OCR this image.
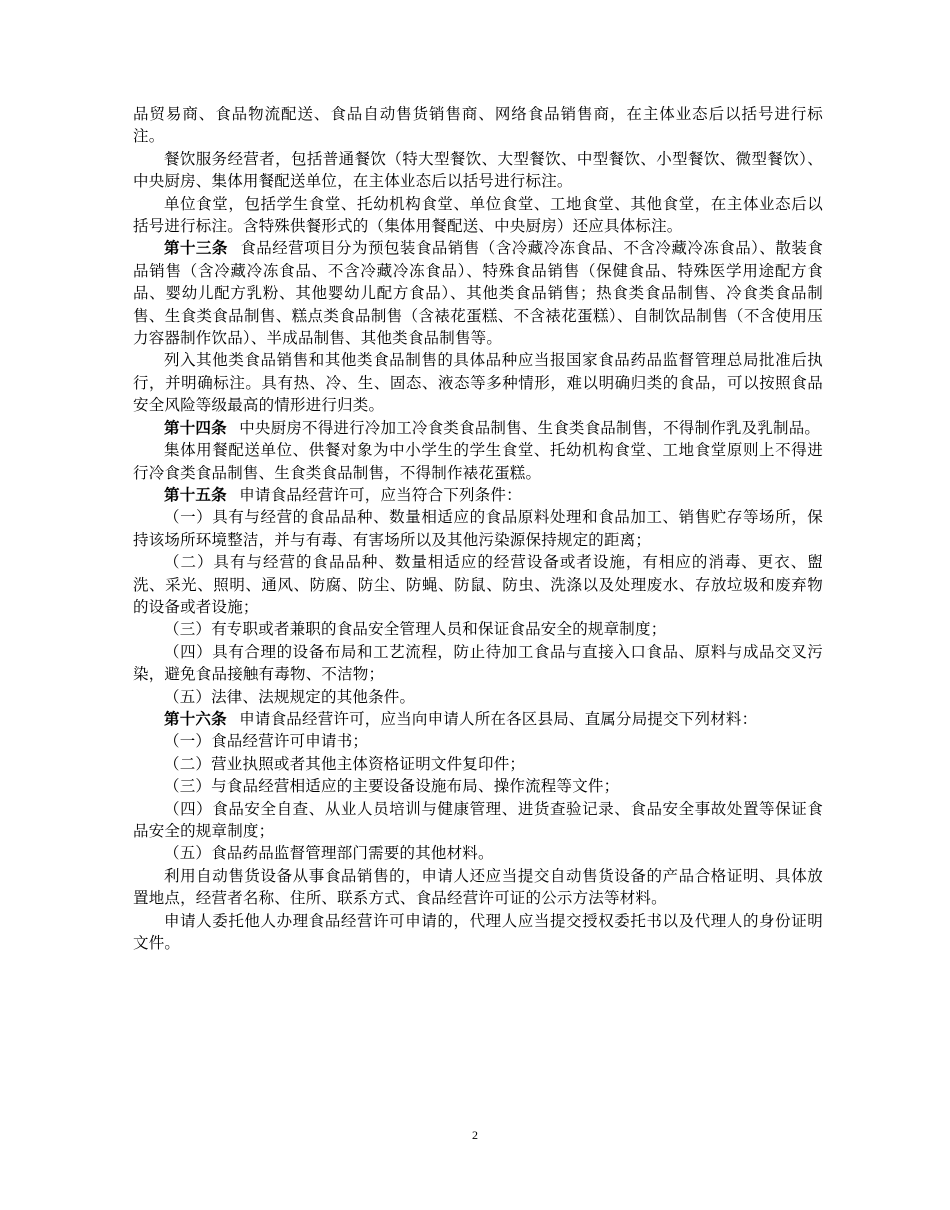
品贸易商、食品物流配送、食品自动售货销售商、网络食品销售商，在主体业态后以括号进行标注。

餐饮服务经营者，包括普通餐饮（特大型餐饮、大型餐饮、中型餐饮、小型餐饮、微型餐饮）、中央厨房、集体用餐配送单位，在主体业态后以括号进行标注。

单位食堂，包括学生食堂、托幼机构食堂、单位食堂、工地食堂、其他食堂，在主体业态后以括号进行标注。含特殊供餐形式的（集体用餐配送、中央厨房）还应具体标注。

第十三条 食品经营项目分为预包装食品销售（含冷藏冷冻食品、不含冷藏冷冻食品）、散装食品销售（含冷藏冷冻食品、不含冷藏冷冻食品）、特殊食品销售（保健食品、特殊医学用途配方食品、婴幼儿配方乳粉、其他婴幼儿配方食品）、其他类食品销售；热食类食品制售、冷食类食品制售、生食类食品制售、糕点类食品制售（含裱花蛋糕、不含裱花蛋糕）、自制饮品制售（不含使用压力容器制作饮品）、半成品制售、其他类食品制售等。

列入其他类食品销售和其他类食品制售的具体品种应当报国家食品药品监督管理总局批准后执行，并明确标注。具有热、冷、生、固态、液态等多种情形，难以明确归类的食品，可以按照食品安全风险等级最高的情形进行归类。

第十四条 中央厨房不得进行冷加工冷食类食品制售、生食类食品制售，不得制作乳及乳制品。

集体用餐配送单位、供餐对象为中小学生的学生食堂、托幼机构食堂、工地食堂原则上不得进行冷食类食品制售、生食类食品制售，不得制作裱花蛋糕。

第十五条 申请食品经营许可，应当符合下列条件：

（一）具有与经营的食品品种、数量相适应的食品原料处理和食品加工、销售贮存等场所，保持该场所环境整洁，并与有毒、有害场所以及其他污染源保持规定的距离；

（二）具有与经营的食品品种、数量相适应的经营设备或者设施，有相应的消毒、更衣、盥洗、采光、照明、通风、防腐、防尘、防蝇、防鼠、防虫、洗涤以及处理废水、存放垃圾和废弃物的设备或者设施；

（三）有专职或者兼职的食品安全管理人员和保证食品安全的规章制度；

（四）具有合理的设备布局和工艺流程，防止待加工食品与直接入口食品、原料与成品交叉污染，避免食品接触有毒物、不洁物；

（五）法律、法规规定的其他条件。

第十六条 申请食品经营许可，应当向申请人所在各区县局、直属分局提交下列材料：

（一）食品经营许可申请书；

（二）营业执照或者其他主体资格证明文件复印件；

（三）与食品经营相适应的主要设备设施布局、操作流程等文件；

（四）食品安全自查、从业人员培训与健康管理、进货查验记录、食品安全事故处置等保证食品安全的规章制度；

（五）食品药品监督管理部门需要的其他材料。

利用自动售货设备从事食品销售的，申请人还应当提交自动售货设备的产品合格证明、具体放置地点，经营者名称、住所、联系方式、食品经营许可证的公示方法等材料。

申请人委托他人办理食品经营许可申请的，代理人应当提交授权委托书以及代理人的身份证明文件。

2
